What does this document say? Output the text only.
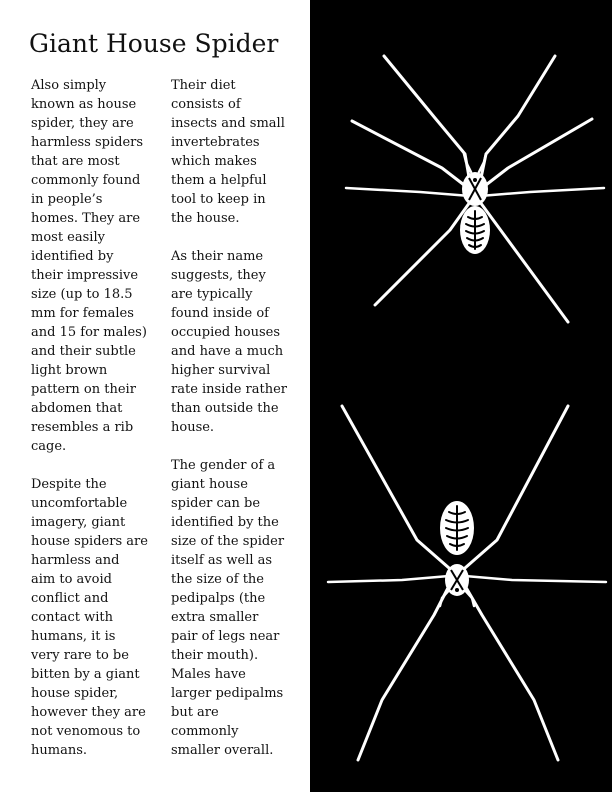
Giant House Spider

Also simply
known as house
spider, they are
harmless spiders
that are most
commonly found
in people’s
homes. They are
most easily
identified by
their impressive
size (up to 18.5
mm for females
and 15 for males)
and their subtle
light brown
pattern on their
abdomen that
resembles a rib
cage.

Despite the
uncomfortable
imagery, giant
house spiders are
harmless and
aim to avoid
conflict and
contact with
humans, it is
very rare to be
bitten by a giant
house spider,
however they are
not venomous to
humans.

Their diet
consists of
insects and small
invertebrates
which makes
them a helpful
tool to keep in
the house.

As their name
suggests, they
are typically
found inside of
occupied houses
and have a much
higher survival
rate inside rather
than outside the
house.

The gender of a
giant house
spider can be
identified by the
size of the spider
itself as well as
the size of the
pedipalps (the
extra smaller
pair of legs near
their mouth).
Males have
larger pedipalms
but are
commonly
smaller overall.
